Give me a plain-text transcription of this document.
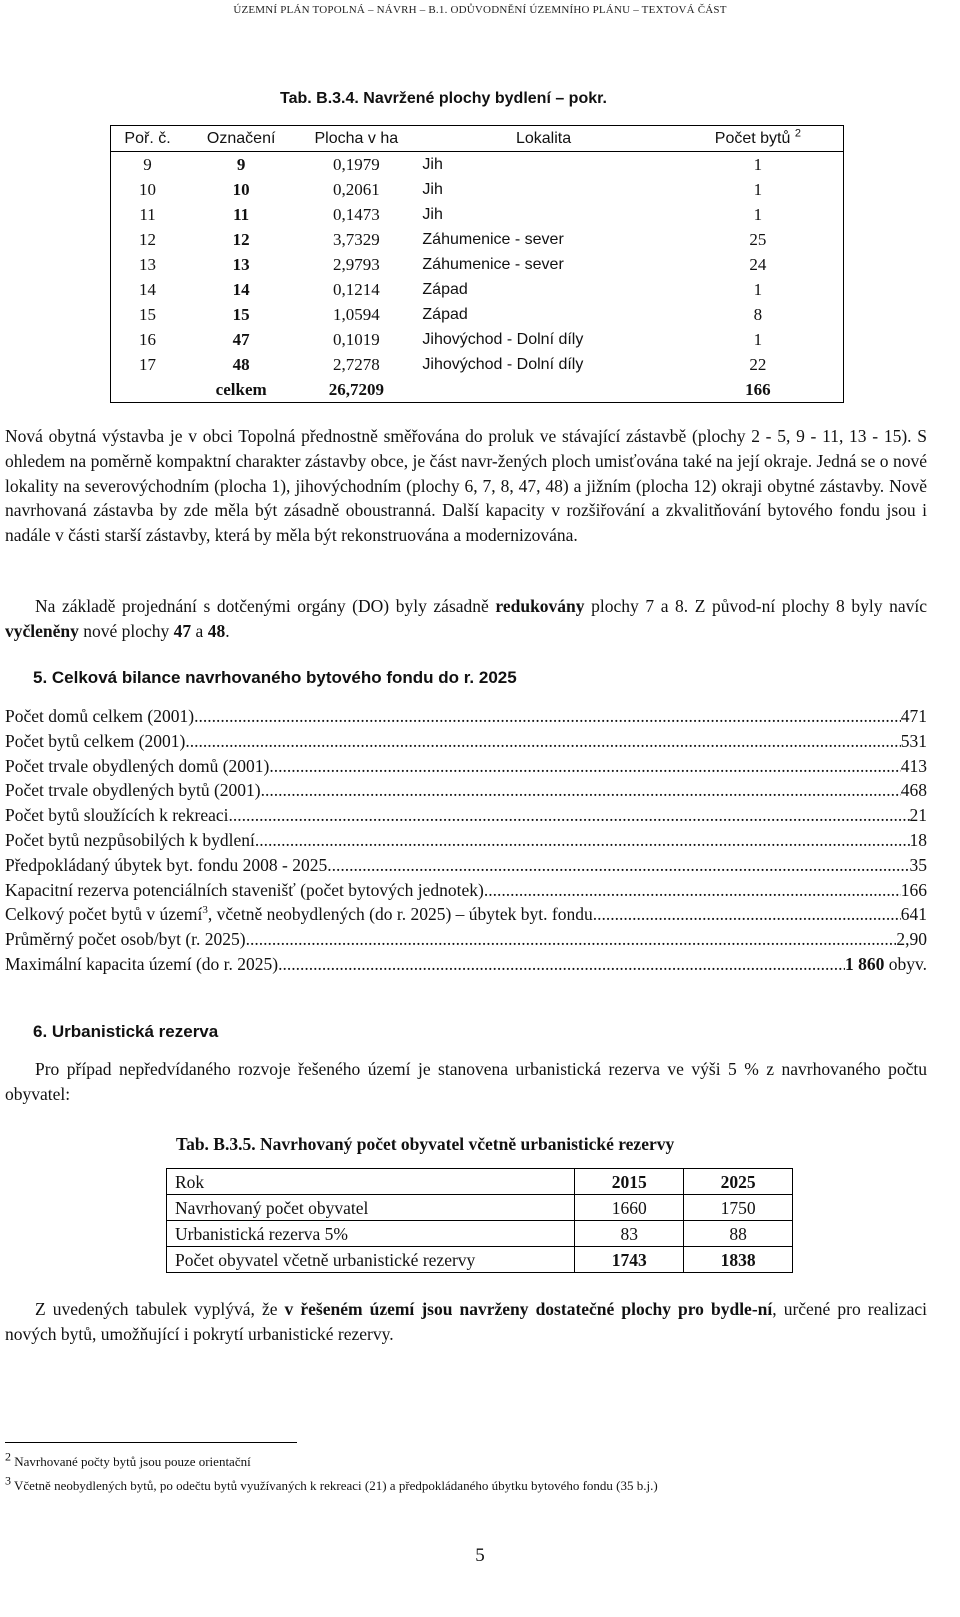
ÚZEMNÍ PLÁN TOPOLNÁ – NÁVRH – B.1. ODŮVODNĚNÍ ÚZEMNÍHO PLÁNU – TEXTOVÁ ČÁST
Tab. B.3.4. Navržené plochy bydlení – pokr.
Poř. č.	Označení	Plocha v ha	Lokalita	Počet bytů $^2$
9	9	0,1979	Jih	1
10	10	0,2061	Jih	1
11	11	0,1473	Jih	1
12	12	3,7329	Záhumenice - sever	25
13	13	2,9793	Záhumenice - sever	24
14	14	0,1214	Západ	1
15	15	1,0594	Západ	8
16	47	0,1019	Jihovýchod - Dolní díly	1
17	48	2,7278	Jihovýchod - Dolní díly	22
	celkem	26,7209		166
Nová obytná výstavba je v obci Topolná přednostně směřována do proluk ve stávající zástavbě (plochy 2 - 5, 9 - 11, 13 - 15). S ohledem na poměrně kompaktní charakter zástavby obce, je část navr-žených ploch umisťována také na její okraje. Jedná se o nové lokality na severovýchodním (plocha 1), jihovýchodním (plochy 6, 7, 8, 47, 48) a jižním (plocha 12) okraji obytné zástavby. Nově navrhovaná zástavba by zde měla být zásadně oboustranná. Další kapacity v rozšiřování a zkvalitňování bytového fondu jsou i nadále v části starší zástavby, která by měla být rekonstruována a modernizována.
Na základě projednání s dotčenými orgány (DO) byly zásadně redukovány plochy 7 a 8. Z původ-ní plochy 8 byly navíc vyčleněny nové plochy 47 a 48.
5. Celková bilance navrhovaného bytového fondu do r. 2025
Počet domů celkem (2001) .....	471
Počet bytů celkem (2001) .....	531
Počet trvale obydlených domů (2001) .....	413
Počet trvale obydlených bytů (2001) .....	468
Počet bytů sloužících k rekreaci .....	21
Počet bytů nezpůsobilých k bydlení .....	18
Předpokládaný úbytek byt. fondu 2008 - 2025 .....	35
Kapacitní rezerva potenciálních stavenišť (počet bytových jednotek) .....	166
Celkový počet bytů v území$^3$, včetně neobydlených (do r. 2025) – úbytek byt. fondu .....	641
Průměrný počet osob/byt (r. 2025) .....	2,90
Maximální kapacita území (do r. 2025) .....	1 860 obyv.
6. Urbanistická rezerva
Pro případ nepředvídaného rozvoje řešeného území je stanovena urbanistická rezerva ve výši 5 % z navrhovaného počtu obyvatel:
Tab. B.3.5. Navrhovaný počet obyvatel včetně urbanistické rezervy
Rok	2015	2025
Navrhovaný počet obyvatel	1660	1750
Urbanistická rezerva 5%	83	88
Počet obyvatel včetně urbanistické rezervy	1743	1838
Z uvedených tabulek vyplývá, že v řešeném území jsou navrženy dostatečné plochy pro bydle-ní, určené pro realizaci nových bytů, umožňující i pokrytí urbanistické rezervy.
$^2$ Navrhované počty bytů jsou pouze orientační
$^3$ Včetně neobydlených bytů, po odečtu bytů využívaných k rekreaci (21) a předpokládaného úbytku bytového fondu (35 b.j.)
5
